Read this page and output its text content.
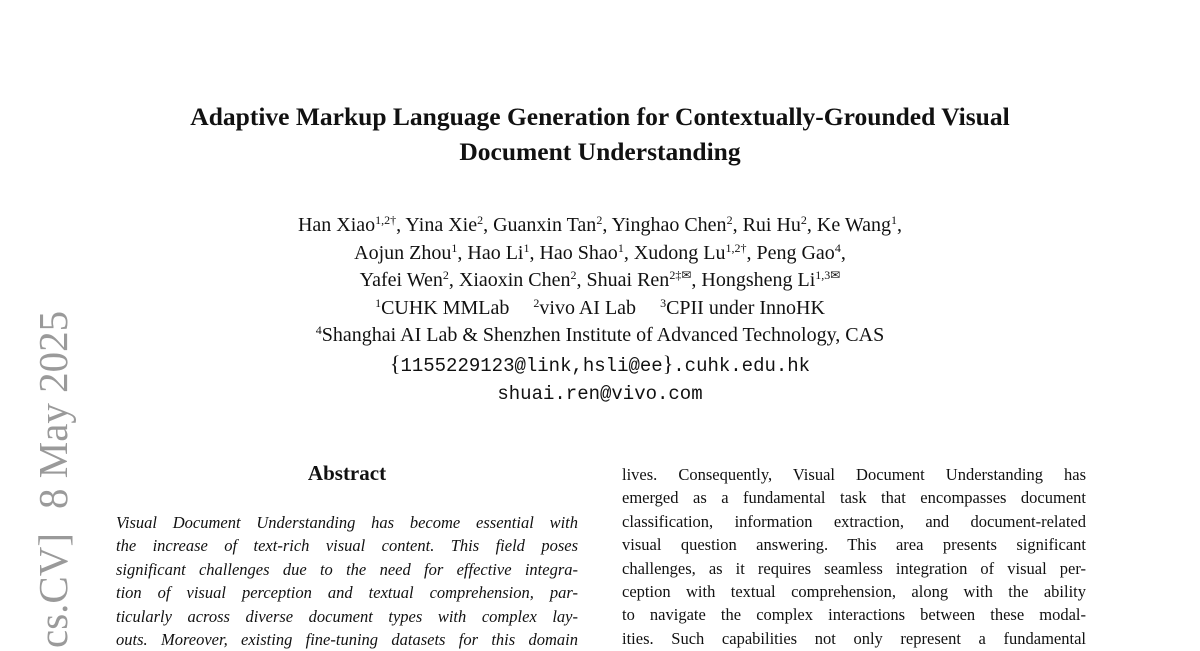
cs.CV]8 May 2025
Adaptive Markup Language Generation for Contextually-Grounded Visual
Document Understanding
Han Xiao$^{1,2\dagger}$, Yina Xie$^2$, Guanxin Tan$^2$, Yinghao Chen$^2$, Rui Hu$^2$, Ke Wang$^1$,
Aojun Zhou$^1$, Hao Li$^1$, Hao Shao$^1$, Xudong $Lu^{1,2\dagger}$, Peng Gao$^4$,
Yafei Wen$^2$, Xiaoxin Chen$^2$, Shuai Ren$^{2\ddagger✉}$, Hongsheng $Li^{1,3✉}$
$^1$CUHK MMLab $^2$vivo AI Lab $^3$CPII under InnoHK
$^4$Shanghai AI Lab & Shenzhen Institute of Advanced Technology, CAS
{1155229123@link,hsli@ee}.cuhk.edu.hk
shuai.ren@vivo.com
Abstract
Visual Document Understanding has become essential with
the increase of text-rich visual content. This field poses
significant challenges due to the need for effective integra-
tion of visual perception and textual comprehension, par-
ticularly across diverse document types with complex lay-
outs. Moreover, existing fine-tuning datasets for this domain
lives. Consequently, Visual Document Understanding has
emerged as a fundamental task that encompasses document
classification, information extraction, and document-related
visual question answering. This area presents significant
challenges, as it requires seamless integration of visual per-
ception with textual comprehension, along with the ability
to navigate the complex interactions between these modal-
ities. Such capabilities not only represent a fundamental
